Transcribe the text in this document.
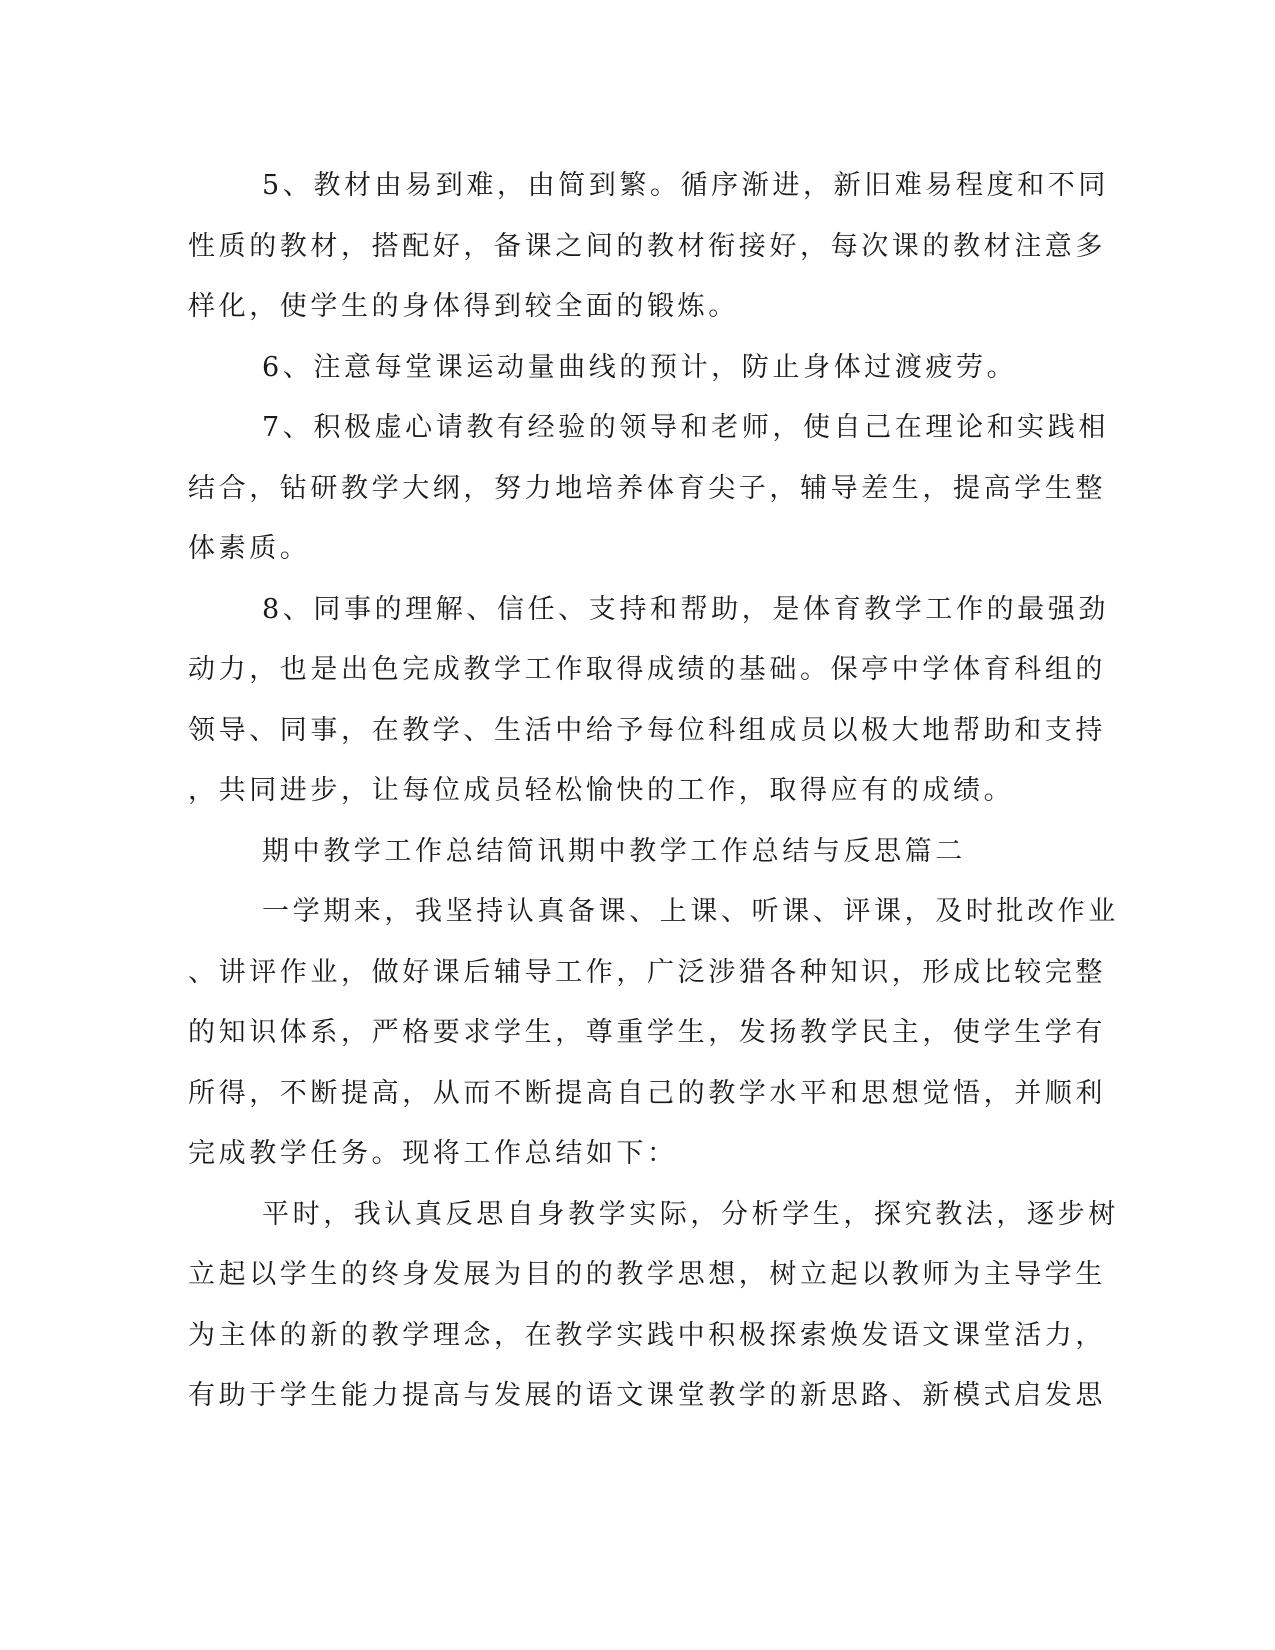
5、教材由易到难，由简到繁。循序渐进，新旧难易程度和不同
性质的教材，搭配好，备课之间的教材衔接好，每次课的教材注意多
样化，使学生的身体得到较全面的锻炼。
6、注意每堂课运动量曲线的预计，防止身体过渡疲劳。
7、积极虚心请教有经验的领导和老师，使自己在理论和实践相
结合，钻研教学大纲，努力地培养体育尖子，辅导差生，提高学生整
体素质。
8、同事的理解、信任、支持和帮助，是体育教学工作的最强劲
动力，也是出色完成教学工作取得成绩的基础。保亭中学体育科组的
领导、同事，在教学、生活中给予每位科组成员以极大地帮助和支持
，共同进步，让每位成员轻松愉快的工作，取得应有的成绩。
期中教学工作总结简讯期中教学工作总结与反思篇二
一学期来，我坚持认真备课、上课、听课、评课，及时批改作业
、讲评作业，做好课后辅导工作，广泛涉猎各种知识，形成比较完整
的知识体系，严格要求学生，尊重学生，发扬教学民主，使学生学有
所得，不断提高，从而不断提高自己的教学水平和思想觉悟，并顺利
完成教学任务。现将工作总结如下：
平时，我认真反思自身教学实际，分析学生，探究教法，逐步树
立起以学生的终身发展为目的的教学思想，树立起以教师为主导学生
为主体的新的教学理念，在教学实践中积极探索焕发语文课堂活力，
有助于学生能力提高与发展的语文课堂教学的新思路、新模式启发思
